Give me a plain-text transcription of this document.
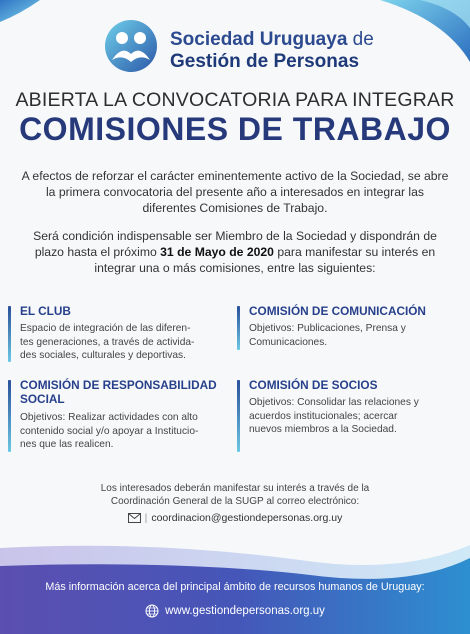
Sociedad Uruguaya de
Gestión de Personas
ABIERTA LA CONVOCATORIA PARA INTEGRAR
COMISIONES DE TRABAJO
A efectos de reforzar el carácter eminentemente activo de la Sociedad, se abre la primera convocatoria del presente año a interesados en integrar las diferentes Comisiones de Trabajo.
Será condición indispensable ser Miembro de la Sociedad y dispondrán de plazo hasta el próximo 31 de Mayo de 2020 para manifestar su interés en integrar una o más comisiones, entre las siguientes:
EL CLUB
Espacio de integración de las diferen-
tes generaciones, a través de activida-
des sociales, culturales y deportivas.
COMISIÓN DE COMUNICACIÓN
Objetivos: Publicaciones, Prensa y
Comunicaciones.
COMISIÓN DE RESPONSABILIDAD
SOCIAL
Objetivos: Realizar actividades con alto
contenido social y/o apoyar a Institucio-
nes que las realicen.
COMISIÓN DE SOCIOS
Objetivos: Consolidar las relaciones y
acuerdos institucionales; acercar
nuevos miembros a la Sociedad.
Los interesados deberán manifestar su interés a través de la
Coordinación General de la SUGP al correo electrónico:
| coordinacion@gestiondepersonas.org.uy
Más información acerca del principal ámbito de recursos humanos de Uruguay:
www.gestiondepersonas.org.uy
